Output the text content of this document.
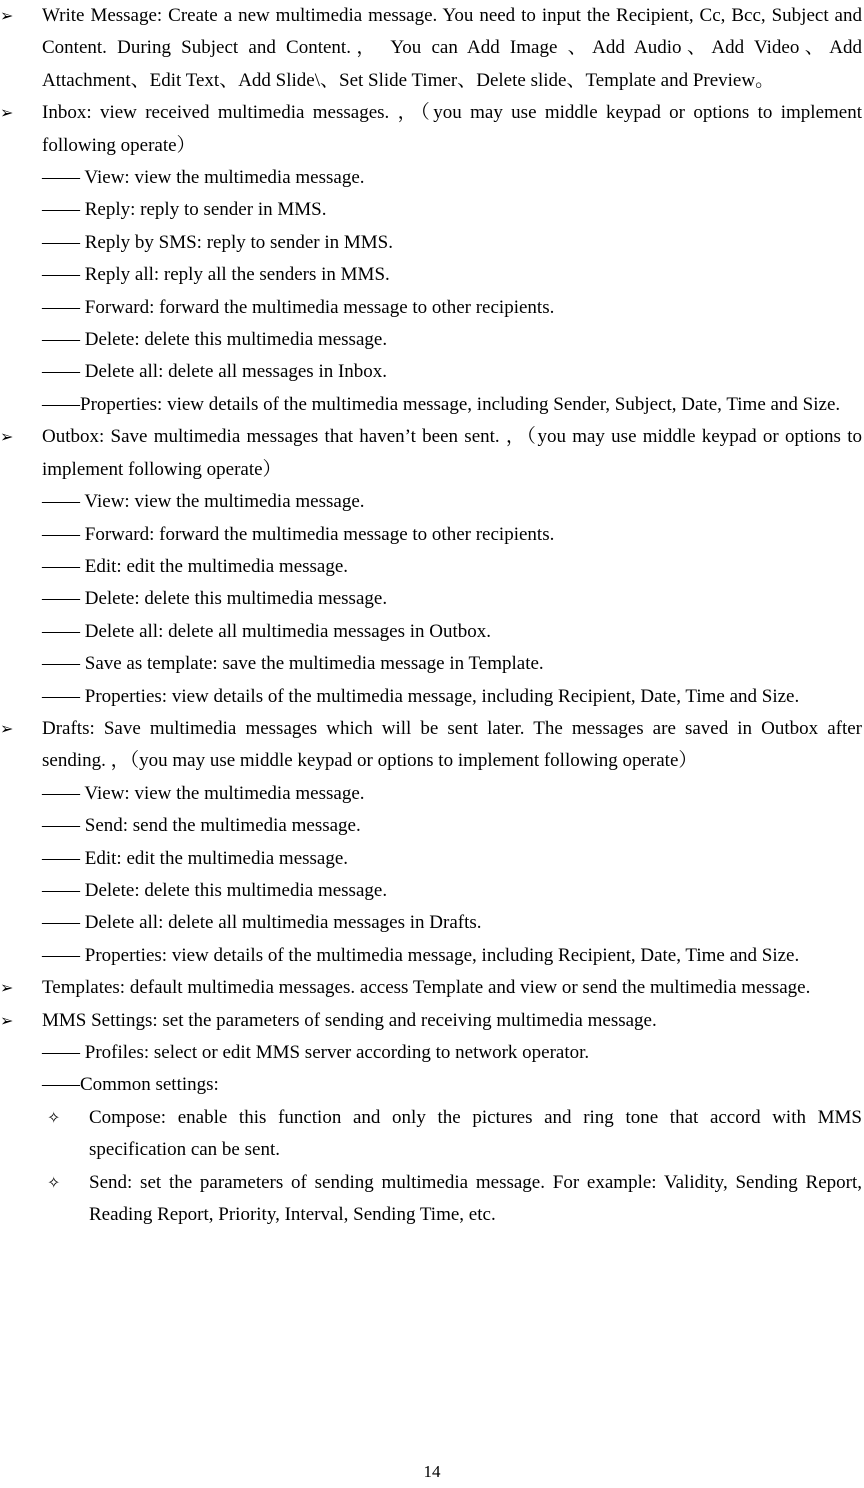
➢	Write Message: Create a new multimedia message. You need to input the Recipient, Cc, Bcc, Subject and Content. During Subject and Content.， You can Add Image 、Add Audio、Add Video、Add Attachment、Edit Text、Add Slide\、Set Slide Timer、Delete slide、Template and Preview。
➢	Inbox: view received multimedia messages. ，（you may use middle keypad or options to implement following operate）
—— View: view the multimedia message.
—— Reply: reply to sender in MMS.
—— Reply by SMS: reply to sender in MMS.
—— Reply all: reply all the senders in MMS.
—— Forward: forward the multimedia message to other recipients.
—— Delete: delete this multimedia message.
—— Delete all: delete all messages in Inbox.
——Properties: view details of the multimedia message, including Sender, Subject, Date, Time and Size.
➢	Outbox: Save multimedia messages that haven’t been sent. ，（you may use middle keypad or options to implement following operate）
—— View: view the multimedia message.
—— Forward: forward the multimedia message to other recipients.
—— Edit: edit the multimedia message.
—— Delete: delete this multimedia message.
—— Delete all: delete all multimedia messages in Outbox.
—— Save as template: save the multimedia message in Template.
—— Properties: view details of the multimedia message, including Recipient, Date, Time and Size.
➢	Drafts: Save multimedia messages which will be sent later. The messages are saved in Outbox after sending. ，（you may use middle keypad or options to implement following operate）
—— View: view the multimedia message.
—— Send: send the multimedia message.
—— Edit: edit the multimedia message.
—— Delete: delete this multimedia message.
—— Delete all: delete all multimedia messages in Drafts.
—— Properties: view details of the multimedia message, including Recipient, Date, Time and Size.
➢	Templates: default multimedia messages. access Template and view or send the multimedia message.
➢	MMS Settings: set the parameters of sending and receiving multimedia message.
—— Profiles: select or edit MMS server according to network operator.
——Common settings:
✧ Compose: enable this function and only the pictures and ring tone that accord with MMS specification can be sent.
✧ Send: set the parameters of sending multimedia message. For example: Validity, Sending Report, Reading Report, Priority, Interval, Sending Time, etc.
14
